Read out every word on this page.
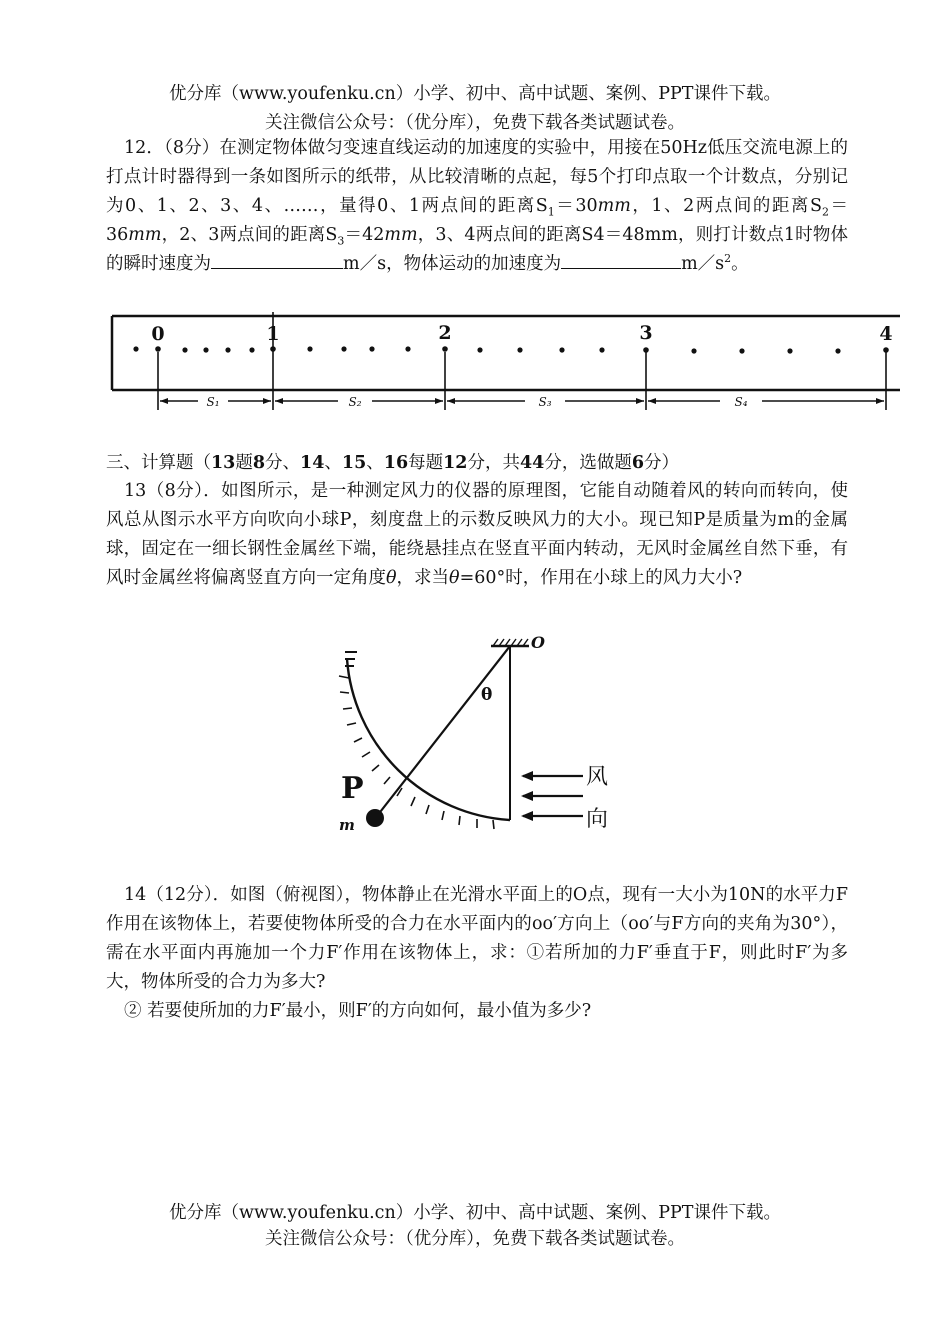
优分库（www.youfenku.cn）小学、初中、高中试题、案例、PPT课件下载。
关注微信公众号：（优分库），免费下载各类试题试卷。
12．（8分）在测定物体做匀变速直线运动的加速度的实验中，用接在50Hz低压交流电源上的打点计时器得到一条如图所示的纸带，从比较清晰的点起，每5个打印点取一个计数点，分别记为0、1、2、3、4、……，量得0、1两点间的距离$S_1=30mm$，1、2两点间的距离$S_2=36mm$，2、3两点间的距离$S_3=42mm$，3、4两点间的距离S4＝48mm，则打计数点1时物体的瞬时速度为	m／s，物体运动的加速度为	$m/s^2$。
0	1	2	3	4
S₁	S₂	S₃	S₄
三、计算题（13题8分、14、15、16每题12分，共44分，选做题6分）
13（8分）．如图所示，是一种测定风力的仪器的原理图，它能自动随着风的转向而转向，使风总从图示水平方向吹向小球P，刻度盘上的示数反映风力的大小。现已知P是质量为m的金属球，固定在一细长钢性金属丝下端，能绕悬挂点在竖直平面内转动，无风时金属丝自然下垂，有风时金属丝将偏离竖直方向一定角度θ，求当θ=60°时，作用在小球上的风力大小?
O
θ
P
m
风
向
14（12分）．如图（俯视图），物体静止在光滑水平面上的O点，现有一大小为10N的水平力F作用在该物体上，若要使物体所受的合力在水平面内的oo′方向上（oo′与F方向的夹角为30°），需在水平面内再施加一个力F′作用在该物体上，求：①若所加的力F′垂直于F，则此时F′为多大，物体所受的合力为多大?
② 若要使所加的力F′最小，则F′的方向如何，最小值为多少?
优分库（www.youfenku.cn）小学、初中、高中试题、案例、PPT课件下载。
关注微信公众号：（优分库），免费下载各类试题试卷。
